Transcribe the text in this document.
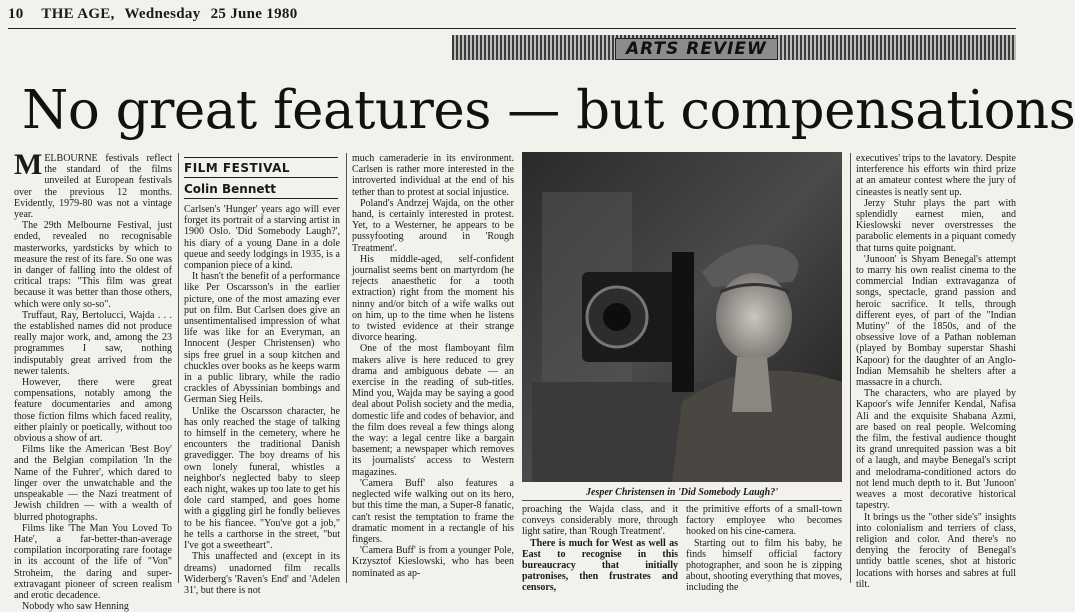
10 THE AGE, Wednesday 25 June 1980
ARTS REVIEW
No great features — but compensations

MELBOURNE festivals reflect the standard of the films unveiled at European festivals over the previous 12 months. Evidently, 1979-80 was not a vintage year.

The 29th Melbourne Festival, just ended, revealed no recognisable masterworks, yardsticks by which to measure the rest of its fare. So one was in danger of falling into the oldest of critical traps: "This film was great because it was better than those others, which were only so-so".

Truffaut, Ray, Bertolucci, Wajda . . . the established names did not produce really major work, and, among the 23 programmes I saw, nothing indisputably great arrived from the newer talents.

However, there were great compensations, notably among the feature documentaries and among those fiction films which faced reality, either plainly or poetically, without too obvious a show of art.

Films like the American 'Best Boy' and the Belgian compilation 'In the Name of the Fuhrer', which dared to linger over the unwatchable and the unspeakable — the Nazi treatment of Jewish children — with a wealth of blurred photographs.

Films like 'The Man You Loved To Hate', a far-better-than-average compilation incorporating rare footage in its account of the life of "Von" Stroheim, the daring and super-extravagant pioneer of screen realism and erotic decadence.

Nobody who saw Henning

FILM FESTIVAL
Colin Bennett

Carlsen's 'Hunger' years ago will ever forget its portrait of a starving artist in 1900 Oslo. 'Did Somebody Laugh?', his diary of a young Dane in a dole queue and seedy lodgings in 1935, is a companion piece of a kind.

It hasn't the benefit of a performance like Per Oscarsson's in the earlier picture, one of the most amazing ever put on film. But Carlsen does give an unsentimentalised impression of what life was like for an Everyman, an Innocent (Jesper Christensen) who sips free gruel in a soup kitchen and chuckles over books as he keeps warm in a public library, while the radio crackles of Abyssinian bombings and German Sieg Heils.

Unlike the Oscarsson character, he has only reached the stage of talking to himself in the cemetery, where he encounters the traditional Danish gravedigger. The boy dreams of his own lonely funeral, whistles a neighbor's neglected baby to sleep each night, wakes up too late to get his dole card stamped, and goes home with a giggling girl he fondly believes to be his fiancee. "You've got a job," he tells a carthorse in the street, "but I've got a sweetheart".

This unaffected and (except in its dreams) unadorned film recalls Widerberg's 'Raven's End' and 'Adelen 31', but there is not

much cameraderie in its environment. Carlsen is rather more interested in the introverted individual at the end of his tether than to protest at social injustice.

Poland's Andrzej Wajda, on the other hand, is certainly interested in protest. Yet, to a Westerner, he appears to be pussyfooting around in 'Rough Treatment'.

His middle-aged, self-confident journalist seems bent on martyrdom (he rejects anaesthetic for a tooth extraction) right from the moment his ninny and/or bitch of a wife walks out on him, up to the time when he listens to twisted evidence at their strange divorce hearing.

One of the most flamboyant film makers alive is here reduced to grey drama and ambiguous debate — an exercise in the reading of sub-titles. Mind you, Wajda may be saying a good deal about Polish society and the media, domestic life and codes of behavior, and the film does reveal a few things along the way: a legal centre like a bargain basement; a newspaper which removes its journalists' access to Western magazines.

'Camera Buff' also features a neglected wife walking out on its hero, but this time the man, a Super-8 fanatic, can't resist the temptation to frame the dramatic moment in a rectangle of his fingers.

'Camera Buff' is from a younger Pole, Krzysztof Kieslowski, who has been nominated as ap-

Jesper Christensen in 'Did Somebody Laugh?'

proaching the Wajda class, and it conveys considerably more, through light satire, than 'Rough Treatment'.

There is much for West as well as East to recognise in this bureaucracy that initially patronises, then frustrates and censors,

the primitive efforts of a small-town factory employee who becomes hooked on his cine-camera.

Starting out to film his baby, he finds himself official factory photographer, and soon he is zipping about, shooting everything that moves, including the

executives' trips to the lavatory. Despite interference his efforts win third prize at an amateur contest where the jury of cineastes is neatly sent up.

Jerzy Stuhr plays the part with splendidly earnest mien, and Kieslowski never overstresses the parabolic elements in a piquant comedy that turns quite poignant.

'Junoon' is Shyam Benegal's attempt to marry his own realist cinema to the commercial Indian extravaganza of songs, spectacle, grand passion and heroic sacrifice. It tells, through different eyes, of part of the "Indian Mutiny" of the 1850s, and of the obsessive love of a Pathan nobleman (played by Bombay superstar Shashi Kapoor) for the daughter of an Anglo-Indian Memsahib he shelters after a massacre in a church.

The characters, who are played by Kapoor's wife Jennifer Kendal, Nafisa Ali and the exquisite Shabana Azmi, are based on real people. Welcoming the film, the festival audience thought its grand unrequited passion was a bit of a laugh, and maybe Benegal's script and melodrama-conditioned actors do not lend much depth to it. But 'Junoon' weaves a most decorative historical tapestry.

It brings us the "other side's" insights into colonialism and terriers of class, religion and color. And there's no denying the ferocity of Benegal's untidy battle scenes, shot at historic locations with horses and sabres at full tilt.
